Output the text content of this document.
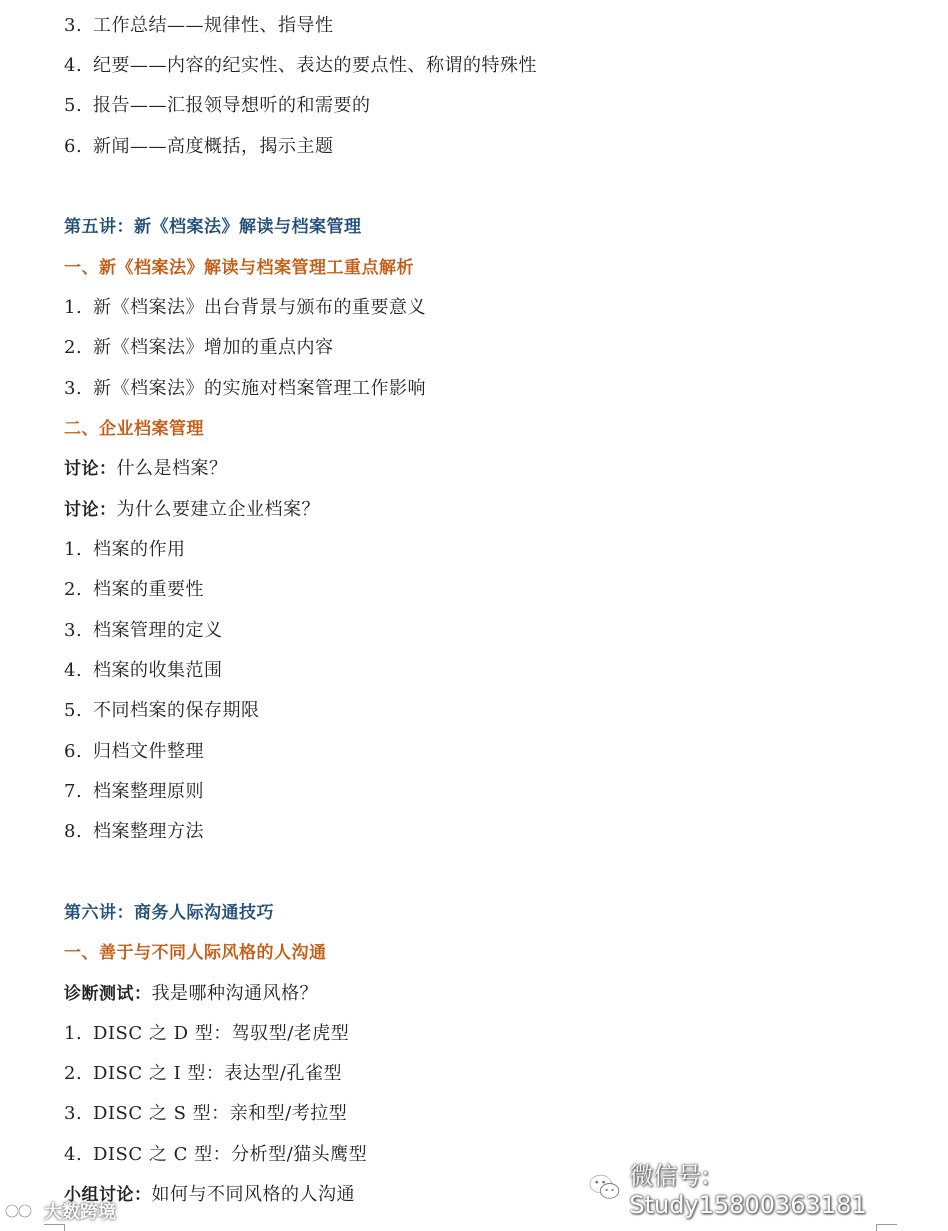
3. 工作总结——规律性、指导性
4. 纪要——内容的纪实性、表达的要点性、称谓的特殊性
5. 报告——汇报领导想听的和需要的
6. 新闻——高度概括，揭示主题
第五讲：新《档案法》解读与档案管理
一、新《档案法》解读与档案管理工重点解析
1. 新《档案法》出台背景与颁布的重要意义
2. 新《档案法》增加的重点内容
3. 新《档案法》的实施对档案管理工作影响
二、企业档案管理
讨论：什么是档案？
讨论：为什么要建立企业档案？
1. 档案的作用
2. 档案的重要性
3. 档案管理的定义
4. 档案的收集范围
5. 不同档案的保存期限
6. 归档文件整理
7. 档案整理原则
8. 档案整理方法
第六讲：商务人际沟通技巧
一、善于与不同人际风格的人沟通
诊断测试：我是哪种沟通风格？
1. DISC 之 D 型：驾驭型/老虎型
2. DISC 之 I 型：表达型/孔雀型
3. DISC 之 S 型：亲和型/考拉型
4. DISC 之 C 型：分析型/猫头鹰型
小组讨论：如何与不同风格的人沟通
微信号: Study15800363181
大数跨境
